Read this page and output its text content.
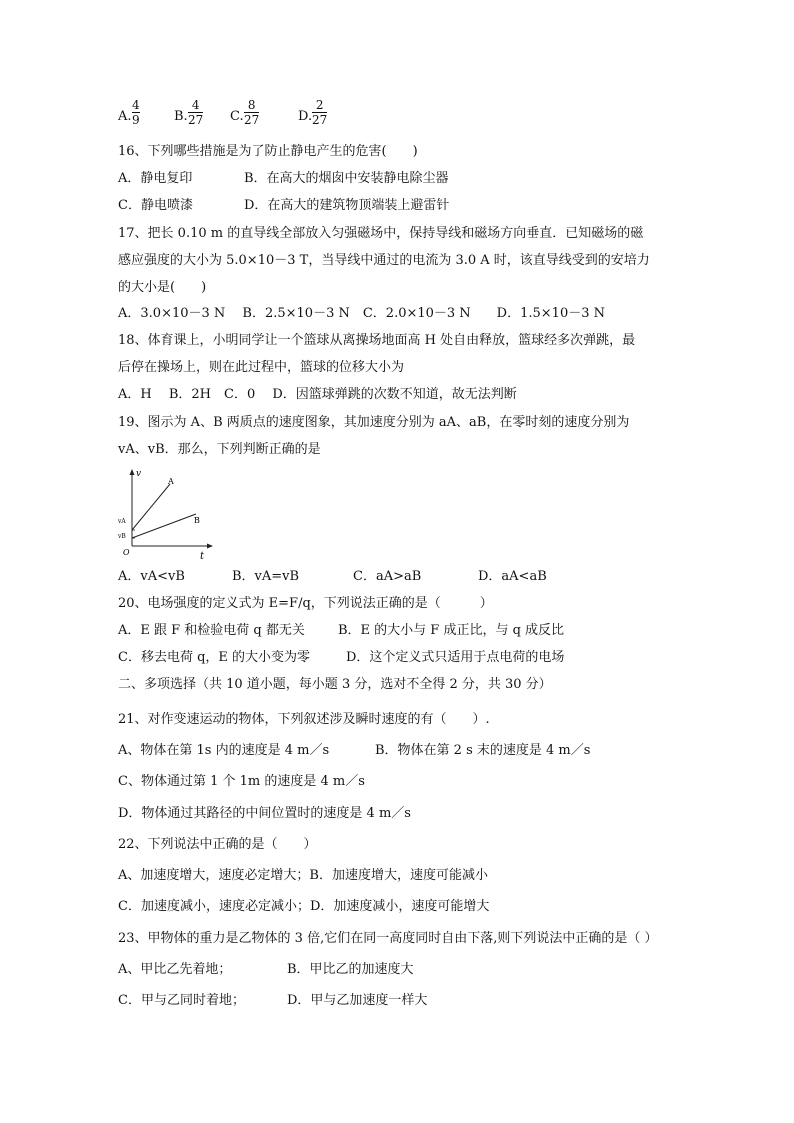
A.
4
9	B.
4
27 C.
8
27	D.
2
27
16、下列哪些措施是为了防止静电产生的危害(　　)
A．静电复印	B．在高大的烟囱中安装静电除尘器
C．静电喷漆	D．在高大的建筑物顶端装上避雷针
17、把长 0.10 m 的直导线全部放入匀强磁场中，保持导线和磁场方向垂直．已知磁场的磁
感应强度的大小为 5.0×10－3 T，当导线中通过的电流为 3.0 A 时，该直导线受到的安培力
的大小是(　　)
A．3.0×10－3 N　 B．2.5×10－3 N　C．2.0×10－3 N　　D．1.5×10－3 N
18、体育课上，小明同学让一个篮球从离操场地面高 H 处自由释放，篮球经多次弹跳，最
后停在操场上，则在此过程中，篮球的位移大小为
A．H　 B．2H　C．0　 D．因篮球弹跳的次数不知道，故无法判断
19、图示为 A、B 两质点的速度图象，其加速度分别为 aA、aB，在零时刻的速度分别为
vA、vB．那么，下列判断正确的是
v
t
O
A
B
vA
vB
A．vA<vB	B．vA=vB	C．aA>aB	D．aA<aB
20、电场强度的定义式为 E=F/q，下列说法正确的是（　　　）
A．E 跟 F 和检验电荷 q 都无关	B．E 的大小与 F 成正比，与 q 成反比
C．移去电荷 q，E 的大小变为零	D．这个定义式只适用于点电荷的电场
二、多项选择（共 10 道小题，每小题 3 分，选对不全得 2 分，共 30 分）
21、对作变速运动的物体，下列叙述涉及瞬时速度的有（　　）.
A、物体在第 1s 内的速度是 4 m／s	B．物体在第 2 s 末的速度是 4 m／s
C、物体通过第 1 个 1m 的速度是 4 m／s
D．物体通过其路径的中间位置时的速度是 4 m／s
22、下列说法中正确的是（　　）
A、加速度增大，速度必定增大；B．加速度增大，速度可能减小
C．加速度减小，速度必定减小；D．加速度减小，速度可能增大
23、甲物体的重力是乙物体的 3 倍,它们在同一高度同时自由下落,则下列说法中正确的是（ ）
A、甲比乙先着地；	B．甲比乙的加速度大
C．甲与乙同时着地；	D．甲与乙加速度一样大
